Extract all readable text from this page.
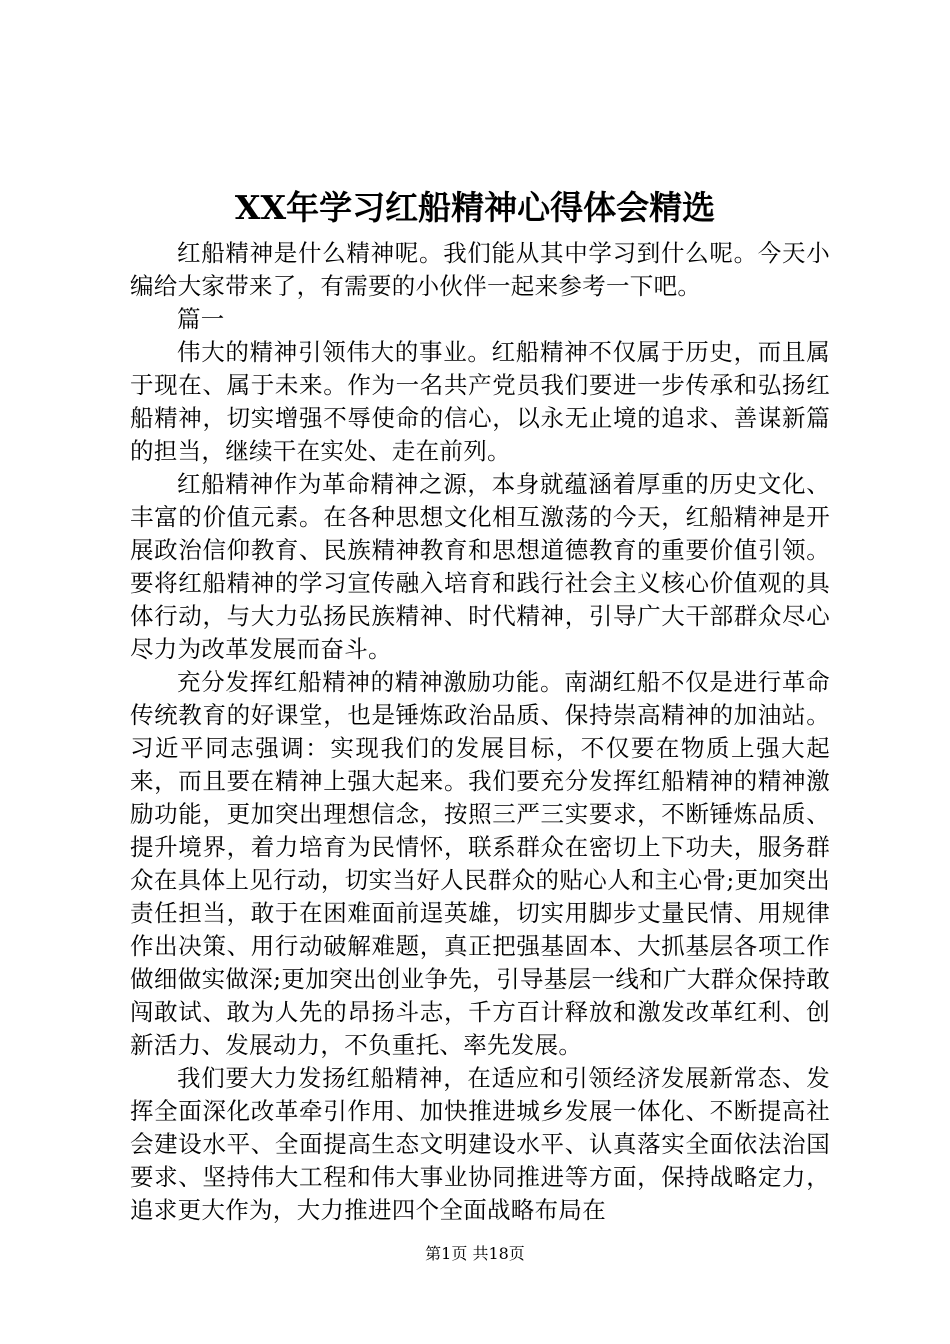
XX年学习红船精神心得体会精选

红船精神是什么精神呢。我们能从其中学习到什么呢。今天小编给大家带来了，有需要的小伙伴一起来参考一下吧。

篇一

伟大的精神引领伟大的事业。红船精神不仅属于历史，而且属于现在、属于未来。作为一名共产党员我们要进一步传承和弘扬红船精神，切实增强不辱使命的信心，以永无止境的追求、善谋新篇的担当，继续干在实处、走在前列。

红船精神作为革命精神之源，本身就蕴涵着厚重的历史文化、丰富的价值元素。在各种思想文化相互激荡的今天，红船精神是开展政治信仰教育、民族精神教育和思想道德教育的重要价值引领。要将红船精神的学习宣传融入培育和践行社会主义核心价值观的具体行动，与大力弘扬民族精神、时代精神，引导广大干部群众尽心尽力为改革发展而奋斗。

充分发挥红船精神的精神激励功能。南湖红船不仅是进行革命传统教育的好课堂，也是锤炼政治品质、保持崇高精神的加油站。习近平同志强调：实现我们的发展目标，不仅要在物质上强大起来，而且要在精神上强大起来。我们要充分发挥红船精神的精神激励功能，更加突出理想信念，按照三严三实要求，不断锤炼品质、提升境界，着力培育为民情怀，联系群众在密切上下功夫，服务群众在具体上见行动，切实当好人民群众的贴心人和主心骨;更加突出责任担当，敢于在困难面前逞英雄，切实用脚步丈量民情、用规律作出决策、用行动破解难题，真正把强基固本、大抓基层各项工作做细做实做深;更加突出创业争先，引导基层一线和广大群众保持敢闯敢试、敢为人先的昂扬斗志，千方百计释放和激发改革红利、创新活力、发展动力，不负重托、率先发展。

我们要大力发扬红船精神，在适应和引领经济发展新常态、发挥全面深化改革牵引作用、加快推进城乡发展一体化、不断提高社会建设水平、全面提高生态文明建设水平、认真落实全面依法治国要求、坚持伟大工程和伟大事业协同推进等方面，保持战略定力，追求更大作为，大力推进四个全面战略布局在

第1页 共18页
